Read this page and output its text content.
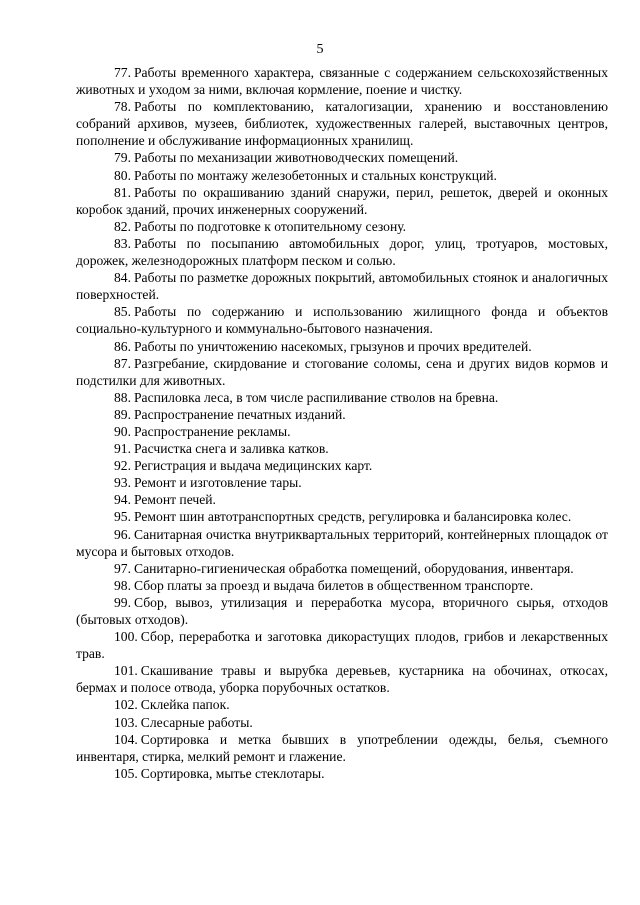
5

77. Работы временного характера, связанные с содержанием сельскохозяйственных животных и уходом за ними, включая кормление, поение и чистку.

78. Работы по комплектованию, каталогизации, хранению и восстановлению собраний архивов, музеев, библиотек, художественных галерей, выставочных центров, пополнение и обслуживание информационных хранилищ.

79. Работы по механизации животноводческих помещений.

80. Работы по монтажу железобетонных и стальных конструкций.

81. Работы по окрашиванию зданий снаружи, перил, решеток, дверей и оконных коробок зданий, прочих инженерных сооружений.

82. Работы по подготовке к отопительному сезону.

83. Работы по посыпанию автомобильных дорог, улиц, тротуаров, мостовых, дорожек, железнодорожных платформ песком и солью.

84. Работы по разметке дорожных покрытий, автомобильных стоянок и аналогичных поверхностей.

85. Работы по содержанию и использованию жилищного фонда и объектов социально-культурного и коммунально-бытового назначения.

86. Работы по уничтожению насекомых, грызунов и прочих вредителей.

87. Разгребание, скирдование и стогование соломы, сена и других видов кормов и подстилки для животных.

88. Распиловка леса, в том числе распиливание стволов на бревна.

89. Распространение печатных изданий.

90. Распространение рекламы.

91. Расчистка снега и заливка катков.

92. Регистрация и выдача медицинских карт.

93. Ремонт и изготовление тары.

94. Ремонт печей.

95. Ремонт шин автотранспортных средств, регулировка и балансировка колес.

96. Санитарная очистка внутриквартальных территорий, контейнерных площадок от мусора и бытовых отходов.

97. Санитарно-гигиеническая обработка помещений, оборудования, инвентаря.

98. Сбор платы за проезд и выдача билетов в общественном транспорте.

99. Сбор, вывоз, утилизация и переработка мусора, вторичного сырья, отходов (бытовых отходов).

100. Сбор, переработка и заготовка дикорастущих плодов, грибов и лекарственных трав.

101. Скашивание травы и вырубка деревьев, кустарника на обочинах, откосах, бермах и полосе отвода, уборка порубочных остатков.

102. Склейка папок.

103. Слесарные работы.

104. Сортировка и метка бывших в употреблении одежды, белья, съемного инвентаря, стирка, мелкий ремонт и глажение.

105. Сортировка, мытье стеклотары.
